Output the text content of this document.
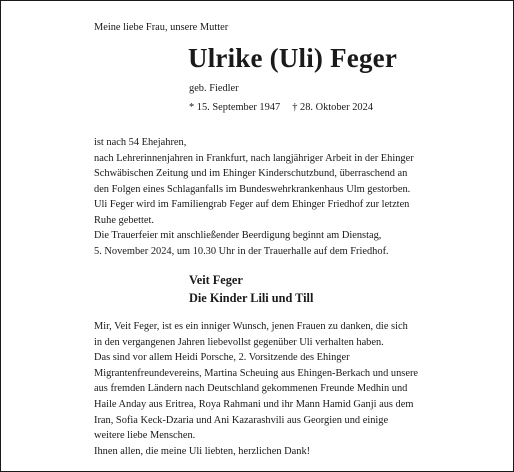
Meine liebe Frau, unsere Mutter
Ulrike (Uli) Feger
geb. Fiedler
* 15. September 1947 † 28. Oktober 2024
ist nach 54 Ehejahren,
nach Lehrerinnenjahren in Frankfurt, nach langjähriger Arbeit in der Ehinger
Schwäbischen Zeitung und im Ehinger Kinderschutzbund, überraschend an
den Folgen eines Schlaganfalls im Bundeswehrkrankenhaus Ulm gestorben.
Uli Feger wird im Familiengrab Feger auf dem Ehinger Friedhof zur letzten
Ruhe gebettet.
Die Trauerfeier mit anschließender Beerdigung beginnt am Dienstag,
5. November 2024, um 10.30 Uhr in der Trauerhalle auf dem Friedhof.
Veit Feger
Die Kinder Lili und Till
Mir, Veit Feger, ist es ein inniger Wunsch, jenen Frauen zu danken, die sich
in den vergangenen Jahren liebevollst gegenüber Uli verhalten haben.
Das sind vor allem Heidi Porsche, 2. Vorsitzende des Ehinger
Migrantenfreundevereins, Martina Scheuing aus Ehingen-Berkach und unsere
aus fremden Ländern nach Deutschland gekommenen Freunde Medhin und
Haile Anday aus Eritrea, Roya Rahmani und ihr Mann Hamid Ganji aus dem
Iran, Sofia Keck-Dzaria und Ani Kazarashvili aus Georgien und einige
weitere liebe Menschen.
Ihnen allen, die meine Uli liebten, herzlichen Dank!
